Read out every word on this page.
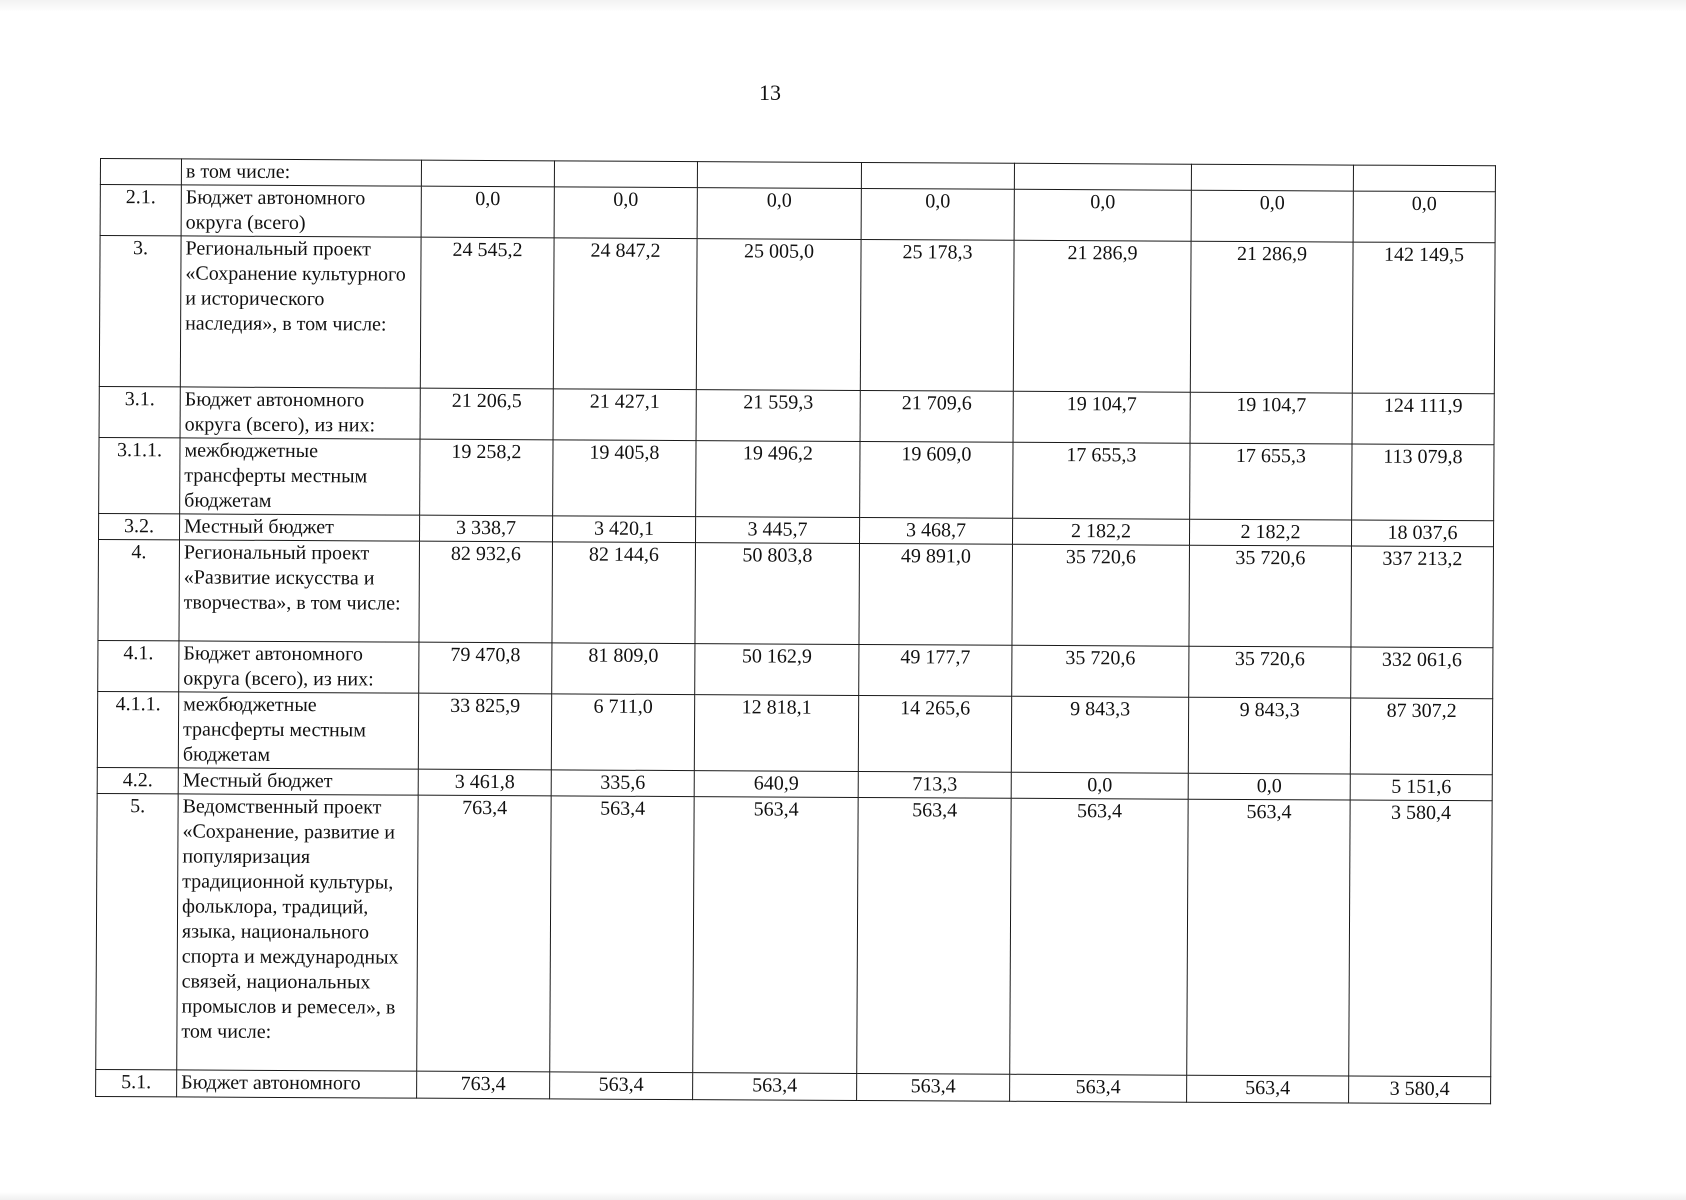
13
	в том числе:							
2.1.	Бюджет автономного округа (всего)	0,0	0,0	0,0	0,0	0,0	0,0	0,0
3.	Региональный проект «Сохранение культурного и исторического наследия», в том числе:	24 545,2	24 847,2	25 005,0	25 178,3	21 286,9	21 286,9	142 149,5
3.1.	Бюджет автономного округа (всего), из них:	21 206,5	21 427,1	21 559,3	21 709,6	19 104,7	19 104,7	124 111,9
3.1.1.	межбюджетные трансферты местным бюджетам	19 258,2	19 405,8	19 496,2	19 609,0	17 655,3	17 655,3	113 079,8
3.2.	Местный бюджет	3 338,7	3 420,1	3 445,7	3 468,7	2 182,2	2 182,2	18 037,6
4.	Региональный проект «Развитие искусства и творчества», в том числе:	82 932,6	82 144,6	50 803,8	49 891,0	35 720,6	35 720,6	337 213,2
4.1.	Бюджет автономного округа (всего), из них:	79 470,8	81 809,0	50 162,9	49 177,7	35 720,6	35 720,6	332 061,6
4.1.1.	межбюджетные трансферты местным бюджетам	33 825,9	6 711,0	12 818,1	14 265,6	9 843,3	9 843,3	87 307,2
4.2.	Местный бюджет	3 461,8	335,6	640,9	713,3	0,0	0,0	5 151,6
5.	Ведомственный проект «Сохранение, развитие и популяризация традиционной культуры, фольклора, традиций, языка, национального спорта и международных связей, национальных промыслов и ремесел», в том числе:	763,4	563,4	563,4	563,4	563,4	563,4	3 580,4
5.1.	Бюджет автономного	763,4	563,4	563,4	563,4	563,4	563,4	3 580,4
